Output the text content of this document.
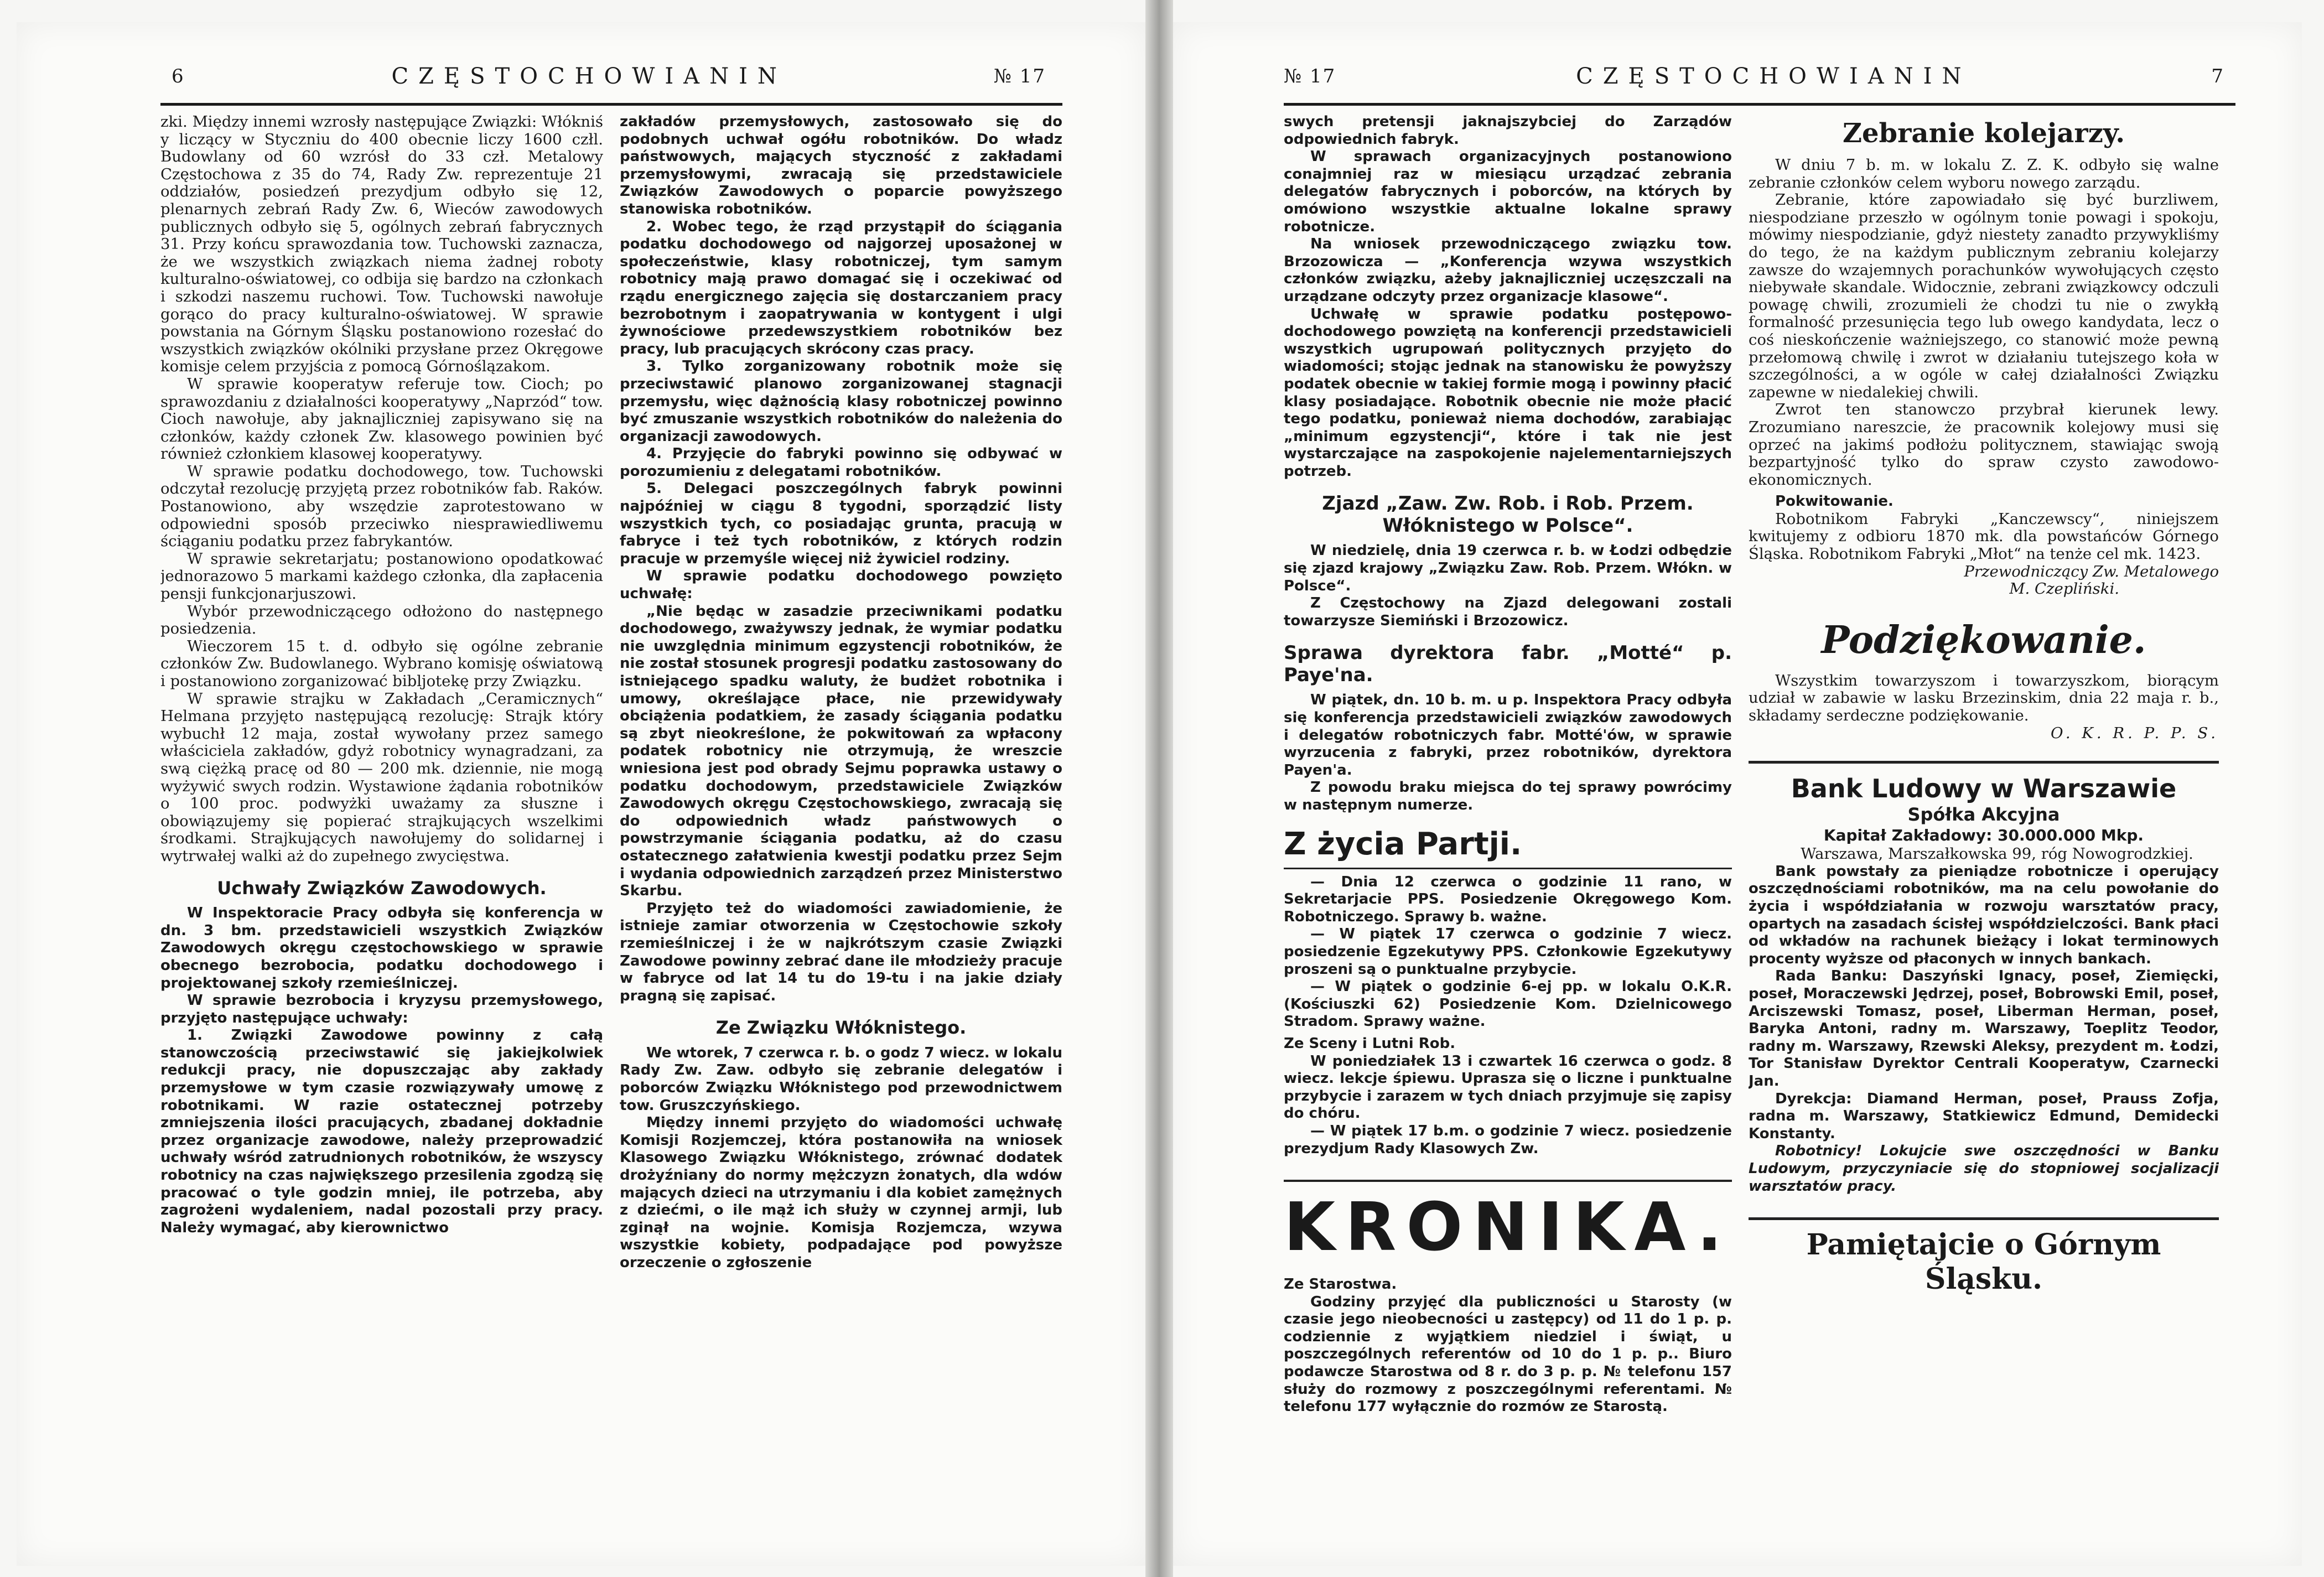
6	CZĘSTOCHOWIANIN	№ 17

zki. Między innemi wzrosły następujące Związki: Włókniś y liczący w Styczniu do 400 obecnie liczy 1600 człl. Budowlany od 60 wzrósł do 33 czł. Metalowy Częstochowa z 35 do 74, Rady Zw. reprezentuje 21 oddziałów, posiedzeń prezydjum odbyło się 12, plenarnych zebrań Rady Zw. 6, Wieców zawodowych publicznych odbyło się 5, ogólnych zebrań fabrycznych 31. Przy końcu sprawozdania tow. Tuchowski zaznacza, że we wszystkich związkach niema żadnej roboty kulturalno-oświatowej, co odbija się bardzo na członkach i szkodzi naszemu ruchowi. Tow. Tuchowski nawołuje gorąco do pracy kulturalno-oświatowej. W sprawie powstania na Górnym Śląsku postanowiono rozesłać do wszystkich związków okólniki przysłane przez Okręgowe komisje celem przyjścia z pomocą Górnoślązakom.

W sprawie kooperatyw referuje tow. Cioch; po sprawozdaniu z działalności kooperatywy „Naprzód“ tow. Cioch nawołuje, aby jaknajliczniej zapisywano się na członków, każdy członek Zw. klasowego powinien być również członkiem klasowej kooperatywy.

W sprawie podatku dochodowego, tow. Tuchowski odczytał rezolucję przyjętą przez robotników fab. Raków. Postanowiono, aby wszędzie zaprotestowano w odpowiedni sposób przeciwko niesprawiedliwemu ściąganiu podatku przez fabrykantów.

W sprawie sekretarjatu; postanowiono opodatkować jednorazowo 5 markami każdego członka, dla zapłacenia pensji funkcjonarjuszowi.

Wybór przewodniczącego odłożono do następnego posiedzenia.

Wieczorem 15 t. d. odbyło się ogólne zebranie członków Zw. Budowlanego. Wybrano komisję oświatową i postanowiono zorganizować bibljotekę przy Związku.

W sprawie strajku w Zakładach „Ceramicznych“ Helmana przyjęto następującą rezolucję: Strajk który wybuchł 12 maja, został wywołany przez samego właściciela zakładów, gdyż robotnicy wynagradzani, za swą ciężką pracę od 80 — 200 mk. dziennie, nie mogą wyżywić swych rodzin. Wystawione żądania robotników o 100 proc. podwyżki uważamy za słuszne i obowiązujemy się popierać strajkujących wszelkimi środkami. Strajkujących nawołujemy do solidarnej i wytrwałej walki aż do zupełnego zwycięstwa.

Uchwały Związków Zawodowych.

W Inspektoracie Pracy odbyła się konferencja w dn. 3 bm. przedstawicieli wszystkich Związków Zawodowych okręgu częstochowskiego w sprawie obecnego bezrobocia, podatku dochodowego i projektowanej szkoły rzemieślniczej.

W sprawie bezrobocia i kryzysu przemysłowego, przyjęto następujące uchwały:

1. Związki Zawodowe powinny z całą stanowczością przeciwstawić się jakiejkolwiek redukcji pracy, nie dopuszczając aby zakłady przemysłowe w tym czasie rozwiązywały umowę z robotnikami. W razie ostatecznej potrzeby zmniejszenia ilości pracujących, zbadanej dokładnie przez organizacje zawodowe, należy przeprowadzić uchwały wśród zatrudnionych robotników, że wszyscy robotnicy na czas największego przesilenia zgodzą się pracować o tyle godzin mniej, ile potrzeba, aby zagrożeni wydaleniem, nadal pozostali przy pracy. Należy wymagać, aby kierownictwo

zakładów przemysłowych, zastosowało się do podobnych uchwał ogółu robotników. Do władz państwowych, mających styczność z zakładami przemysłowymi, zwracają się przedstawiciele Związków Zawodowych o poparcie powyższego stanowiska robotników.

2. Wobec tego, że rząd przystąpił do ściągania podatku dochodowego od najgorzej uposażonej w społeczeństwie, klasy robotniczej, tym samym robotnicy mają prawo domagać się i oczekiwać od rządu energicznego zajęcia się dostarczaniem pracy bezrobotnym i zaopatrywania w kontygent i ulgi żywnościowe przedewszystkiem robotników bez pracy, lub pracujących skrócony czas pracy.

3. Tylko zorganizowany robotnik może się przeciwstawić planowo zorganizowanej stagnacji przemysłu, więc dążnością klasy robotniczej powinno być zmuszanie wszystkich robotników do należenia do organizacji zawodowych.

4. Przyjęcie do fabryki powinno się odbywać w porozumieniu z delegatami robotników.

5. Delegaci poszczególnych fabryk powinni najpóźniej w ciągu 8 tygodni, sporządzić listy wszystkich tych, co posiadając grunta, pracują w fabryce i też tych robotników, z których rodzin pracuje w przemyśle więcej niż żywiciel rodziny.

W sprawie podatku dochodowego powzięto uchwałę:

„Nie będąc w zasadzie przeciwnikami podatku dochodowego, zważywszy jednak, że wymiar podatku nie uwzględnia minimum egzystencji robotników, że nie został stosunek progresji podatku zastosowany do istniejącego spadku waluty, że budżet robotnika i umowy, określające płace, nie przewidywały obciążenia podatkiem, że zasady ściągania podatku są zbyt nieokreślone, że pokwitowań za wpłacony podatek robotnicy nie otrzymują, że wreszcie wniesiona jest pod obrady Sejmu poprawka ustawy o podatku dochodowym, przedstawiciele Związków Zawodowych okręgu Częstochowskiego, zwracają się do odpowiednich władz państwowych o powstrzymanie ściągania podatku, aż do czasu ostatecznego załatwienia kwestji podatku przez Sejm i wydania odpowiednich zarządzeń przez Ministerstwo Skarbu.

Przyjęto też do wiadomości zawiadomienie, że istnieje zamiar otworzenia w Częstochowie szkoły rzemieślniczej i że w najkrótszym czasie Związki Zawodowe powinny zebrać dane ile młodzieży pracuje w fabryce od lat 14 tu do 19-tu i na jakie działy pragną się zapisać.

Ze Związku Włóknistego.

We wtorek, 7 czerwca r. b. o godz 7 wiecz. w lokalu Rady Zw. Zaw. odbyło się zebranie delegatów i poborców Związku Włóknistego pod przewodnictwem tow. Gruszczyńskiego.

Między innemi przyjęto do wiadomości uchwałę Komisji Rozjemczej, która postanowiła na wniosek Klasowego Związku Włóknistego, zrównać dodatek drożyźniany do normy mężczyzn żonatych, dla wdów mających dzieci na utrzymaniu i dla kobiet zamężnych z dziećmi, o ile mąż ich służy w czynnej armji, lub zginął na wojnie. Komisja Rozjemcza, wzywa wszystkie kobiety, podpadające pod powyższe orzeczenie o zgłoszenie

№ 17	CZĘSTOCHOWIANIN	7

swych pretensji jaknajszybciej do Zarządów odpowiednich fabryk.

W sprawach organizacyjnych postanowiono conajmniej raz w miesiącu urządzać zebrania delegatów fabrycznych i poborców, na których by omówiono wszystkie aktualne lokalne sprawy robotnicze.

Na wniosek przewodniczącego związku tow. Brzozowicza — „Konferencja wzywa wszystkich członków związku, ażeby jaknajliczniej uczęszczali na urządzane odczyty przez organizacje klasowe“.

Uchwałę w sprawie podatku postępowo-dochodowego powziętą na konferencji przedstawicieli wszystkich ugrupowań politycznych przyjęto do wiadomości; stojąc jednak na stanowisku że powyższy podatek obecnie w takiej formie mogą i powinny płacić klasy posiadające. Robotnik obecnie nie może płacić tego podatku, ponieważ niema dochodów, zarabiając „minimum egzystencji“, które i tak nie jest wystarczające na zaspokojenie najelementarniejszych potrzeb.

Zjazd „Zaw. Zw. Rob. i Rob. Przem. Włóknistego w Polsce“.

W niedzielę, dnia 19 czerwca r. b. w Łodzi odbędzie się zjazd krajowy „Związku Zaw. Rob. Przem. Włókn. w Polsce“.

Z Częstochowy na Zjazd delegowani zostali towarzysze Siemiński i Brzozowicz.

Sprawa dyrektora fabr. „Motté“ p. Paye'na.

W piątek, dn. 10 b. m. u p. Inspektora Pracy odbyła się konferencja przedstawicieli związków zawodowych i delegatów robotniczych fabr. Motté'ów, w sprawie wyrzucenia z fabryki, przez robotników, dyrektora Payen'a.

Z powodu braku miejsca do tej sprawy powrócimy w następnym numerze.

Z życia Partji.

— Dnia 12 czerwca o godzinie 11 rano, w Sekretarjacie PPS. Posiedzenie Okręgowego Kom. Robotniczego. Sprawy b. ważne.

— W piątek 17 czerwca o godzinie 7 wiecz. posiedzenie Egzekutywy PPS. Członkowie Egzekutywy proszeni są o punktualne przybycie.

— W piątek o godzinie 6-ej pp. w lokalu O.K.R. (Kościuszki 62) Posiedzenie Kom. Dzielnicowego Stradom. Sprawy ważne.

Ze Sceny i Lutni Rob.

W poniedziałek 13 i czwartek 16 czerwca o godz. 8 wiecz. lekcje śpiewu. Uprasza się o liczne i punktualne przybycie i zarazem w tych dniach przyjmuje się zapisy do chóru.

— W piątek 17 b.m. o godzinie 7 wiecz. posiedzenie prezydjum Rady Klasowych Zw.

KRONIKA.
Ze Starostwa.

Godziny przyjęć dla publiczności u Starosty (w czasie jego nieobecności u zastępcy) od 11 do 1 p. p. codziennie z wyjątkiem niedziel i świąt, u poszczególnych referentów od 10 do 1 p. p.. Biuro podawcze Starostwa od 8 r. do 3 p. p. № telefonu 157 służy do rozmowy z poszczególnymi referentami. № telefonu 177 wyłącznie do rozmów ze Starostą.

Zebranie kolejarzy.

W dniu 7 b. m. w lokalu Z. Z. K. odbyło się walne zebranie członków celem wyboru nowego zarządu.

Zebranie, które zapowiadało się być burzliwem, niespodziane przeszło w ogólnym tonie powagi i spokoju, mówimy niespodzianie, gdyż niestety zanadto przywykliśmy do tego, że na każdym publicznym zebraniu kolejarzy zawsze do wzajemnych porachunków wywołujących często niebywałe skandale. Widocznie, zebrani związkowcy odczuli powagę chwili, zrozumieli że chodzi tu nie o zwykłą formalność przesunięcia tego lub owego kandydata, lecz o coś nieskończenie ważniejszego, co stanowić może pewną przełomową chwilę i zwrot w działaniu tutejszego koła w szczególności, a w ogóle w całej działalności Związku zapewne w niedalekiej chwili.

Zwrot ten stanowczo przybrał kierunek lewy. Zrozumiano nareszcie, że pracownik kolejowy musi się oprzeć na jakimś podłożu politycznem, stawiając swoją bezpartyjność tylko do spraw czysto zawodowo-ekonomicznych.

Pokwitowanie.

Robotnikom Fabryki „Kanczewscy“, niniejszem kwitujemy z odbioru 1870 mk. dla powstańców Górnego Śląska. Robotnikom Fabryki „Młot“ na tenże cel mk. 1423.

Przewodniczący Zw. Metalowego

M. Czepliński.

Podziękowanie.

Wszystkim towarzyszom i towarzyszkom, biorącym udział w zabawie w lasku Brzezinskim, dnia 22 maja r. b., składamy serdeczne podziękowanie.

O. K. R. P. P. S.

Bank Ludowy w Warszawie
Spółka Akcyjna
Kapitał Zakładowy: 30.000.000 Mkp.

Warszawa, Marszałkowska 99, róg Nowogrodzkiej.

Bank powstały za pieniądze robotnicze i operujący oszczędnościami robotników, ma na celu powołanie do życia i współdziałania w rozwoju warsztatów pracy, opartych na zasadach ścisłej współdzielczości. Bank płaci od wkładów na rachunek bieżący i lokat terminowych procenty wyższe od płaconych w innych bankach.

Rada Banku: Daszyński Ignacy, poseł, Ziemięcki, poseł, Moraczewski Jędrzej, poseł, Bobrowski Emil, poseł, Arciszewski Tomasz, poseł, Liberman Herman, poseł, Baryka Antoni, radny m. Warszawy, Toeplitz Teodor, radny m. Warszawy, Rzewski Aleksy, prezydent m. Łodzi, Tor Stanisław Dyrektor Centrali Kooperatyw, Czarnecki Jan.

Dyrekcja: Diamand Herman, poseł, Prauss Zofja, radna m. Warszawy, Statkiewicz Edmund, Demidecki Konstanty.

Robotnicy! Lokujcie swe oszczędności w Banku Ludowym, przyczyniacie się do stopniowej socjalizacji warsztatów pracy.

Pamiętajcie o Górnym Śląsku.
